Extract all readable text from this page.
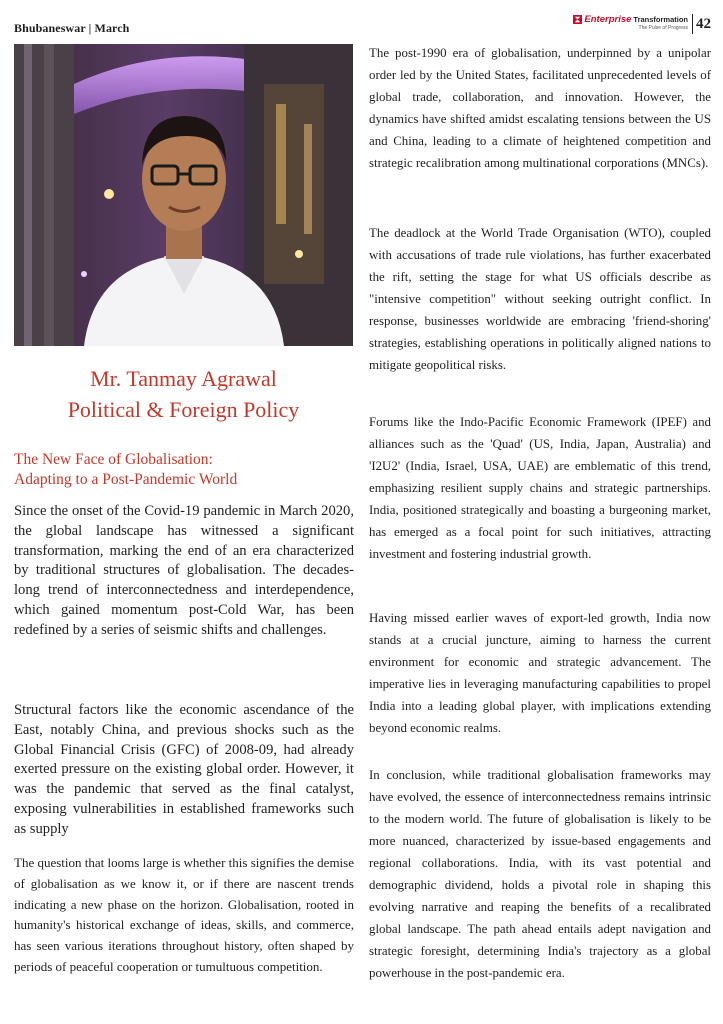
Bhubaneswar | March
Enterprise Transformation
The Pulse of Progress 42
Mr. Tanmay Agrawal
Political & Foreign Policy
The New Face of Globalisation:
Adapting to a Post-Pandemic World

Since the onset of the Covid-19 pandemic in March 2020, the global landscape has witnessed a significant transformation, marking the end of an era characterized by traditional structures of globalisation. The decades-long trend of interconnectedness and interdependence, which gained momentum post-Cold War, has been redefined by a series of seismic shifts and challenges.

Structural factors like the economic ascendance of the East, notably China, and previous shocks such as the Global Financial Crisis (GFC) of 2008-09, had already exerted pressure on the existing global order. However, it was the pandemic that served as the final catalyst, exposing vulnerabilities in established frameworks such as supply

The question that looms large is whether this signifies the demise of globalisation as we know it, or if there are nascent trends indicating a new phase on the horizon. Globalisation, rooted in humanity's historical exchange of ideas, skills, and commerce, has seen various iterations throughout history, often shaped by periods of peaceful cooperation or tumultuous competition.

The post-1990 era of globalisation, underpinned by a unipolar order led by the United States, facilitated unprecedented levels of global trade, collaboration, and innovation. However, the dynamics have shifted amidst escalating tensions between the US and China, leading to a climate of heightened competition and strategic recalibration among multinational corporations (MNCs).

The deadlock at the World Trade Organisation (WTO), coupled with accusations of trade rule violations, has further exacerbated the rift, setting the stage for what US officials describe as "intensive competition" without seeking outright conflict. In response, businesses worldwide are embracing 'friend-shoring' strategies, establishing operations in politically aligned nations to mitigate geopolitical risks.

Forums like the Indo-Pacific Economic Framework (IPEF) and alliances such as the 'Quad' (US, India, Japan, Australia) and 'I2U2' (India, Israel, USA, UAE) are emblematic of this trend, emphasizing resilient supply chains and strategic partnerships. India, positioned strategically and boasting a burgeoning market, has emerged as a focal point for such initiatives, attracting investment and fostering industrial growth.

Having missed earlier waves of export-led growth, India now stands at a crucial juncture, aiming to harness the current environment for economic and strategic advancement. The imperative lies in leveraging manufacturing capabilities to propel India into a leading global player, with implications extending beyond economic realms.

In conclusion, while traditional globalisation frameworks may have evolved, the essence of interconnectedness remains intrinsic to the modern world. The future of globalisation is likely to be more nuanced, characterized by issue-based engagements and regional collaborations. India, with its vast potential and demographic dividend, holds a pivotal role in shaping this evolving narrative and reaping the benefits of a recalibrated global landscape. The path ahead entails adept navigation and strategic foresight, determining India's trajectory as a global powerhouse in the post-pandemic era.
